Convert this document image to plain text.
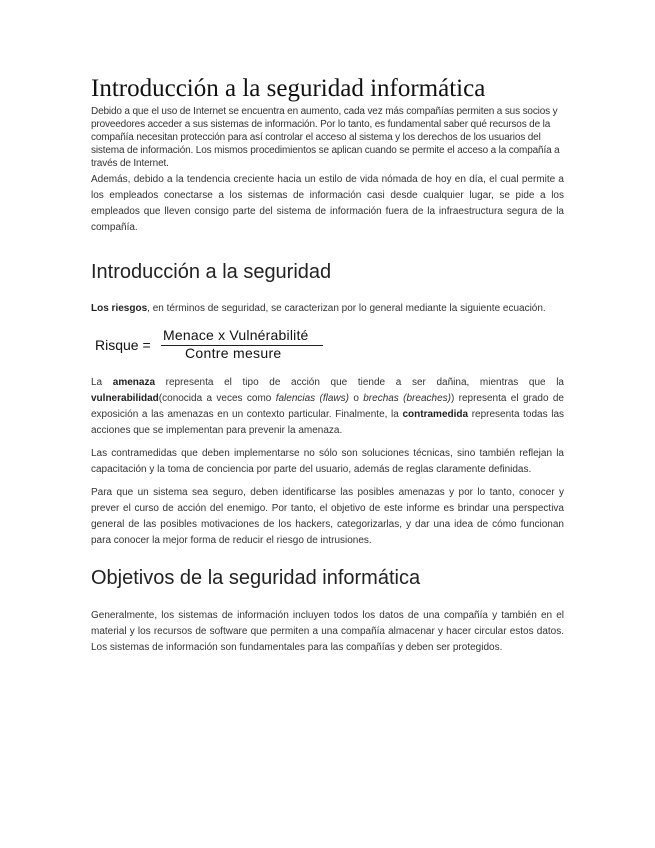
Introducción a la seguridad informática

Debido a que el uso de Internet se encuentra en aumento, cada vez más compañías permiten a sus socios y proveedores acceder a sus sistemas de información. Por lo tanto, es fundamental saber qué recursos de la compañía necesitan protección para así controlar el acceso al sistema y los derechos de los usuarios del sistema de información. Los mismos procedimientos se aplican cuando se permite el acceso a la compañía a través de Internet.

Además, debido a la tendencia creciente hacia un estilo de vida nómada de hoy en día, el cual permite a los empleados conectarse a los sistemas de información casi desde cualquier lugar, se pide a los empleados que lleven consigo parte del sistema de información fuera de la infraestructura segura de la compañía.

Introducción a la seguridad

Los riesgos, en términos de seguridad, se caracterizan por lo general mediante la siguiente ecuación.

Risque =
Menace x Vulnérabilité
Contre mesure

La amenaza representa el tipo de acción que tiende a ser dañina, mientras que la vulnerabilidad(conocida a veces como falencias (flaws) o brechas (breaches)) representa el grado de exposición a las amenazas en un contexto particular. Finalmente, la contramedida representa todas las acciones que se implementan para prevenir la amenaza.

Las contramedidas que deben implementarse no sólo son soluciones técnicas, sino también reflejan la capacitación y la toma de conciencia por parte del usuario, además de reglas claramente definidas.

Para que un sistema sea seguro, deben identificarse las posibles amenazas y por lo tanto, conocer y prever el curso de acción del enemigo. Por tanto, el objetivo de este informe es brindar una perspectiva general de las posibles motivaciones de los hackers, categorizarlas, y dar una idea de cómo funcionan para conocer la mejor forma de reducir el riesgo de intrusiones.

Objetivos de la seguridad informática

Generalmente, los sistemas de información incluyen todos los datos de una compañía y también en el material y los recursos de software que permiten a una compañía almacenar y hacer circular estos datos. Los sistemas de información son fundamentales para las compañías y deben ser protegidos.
